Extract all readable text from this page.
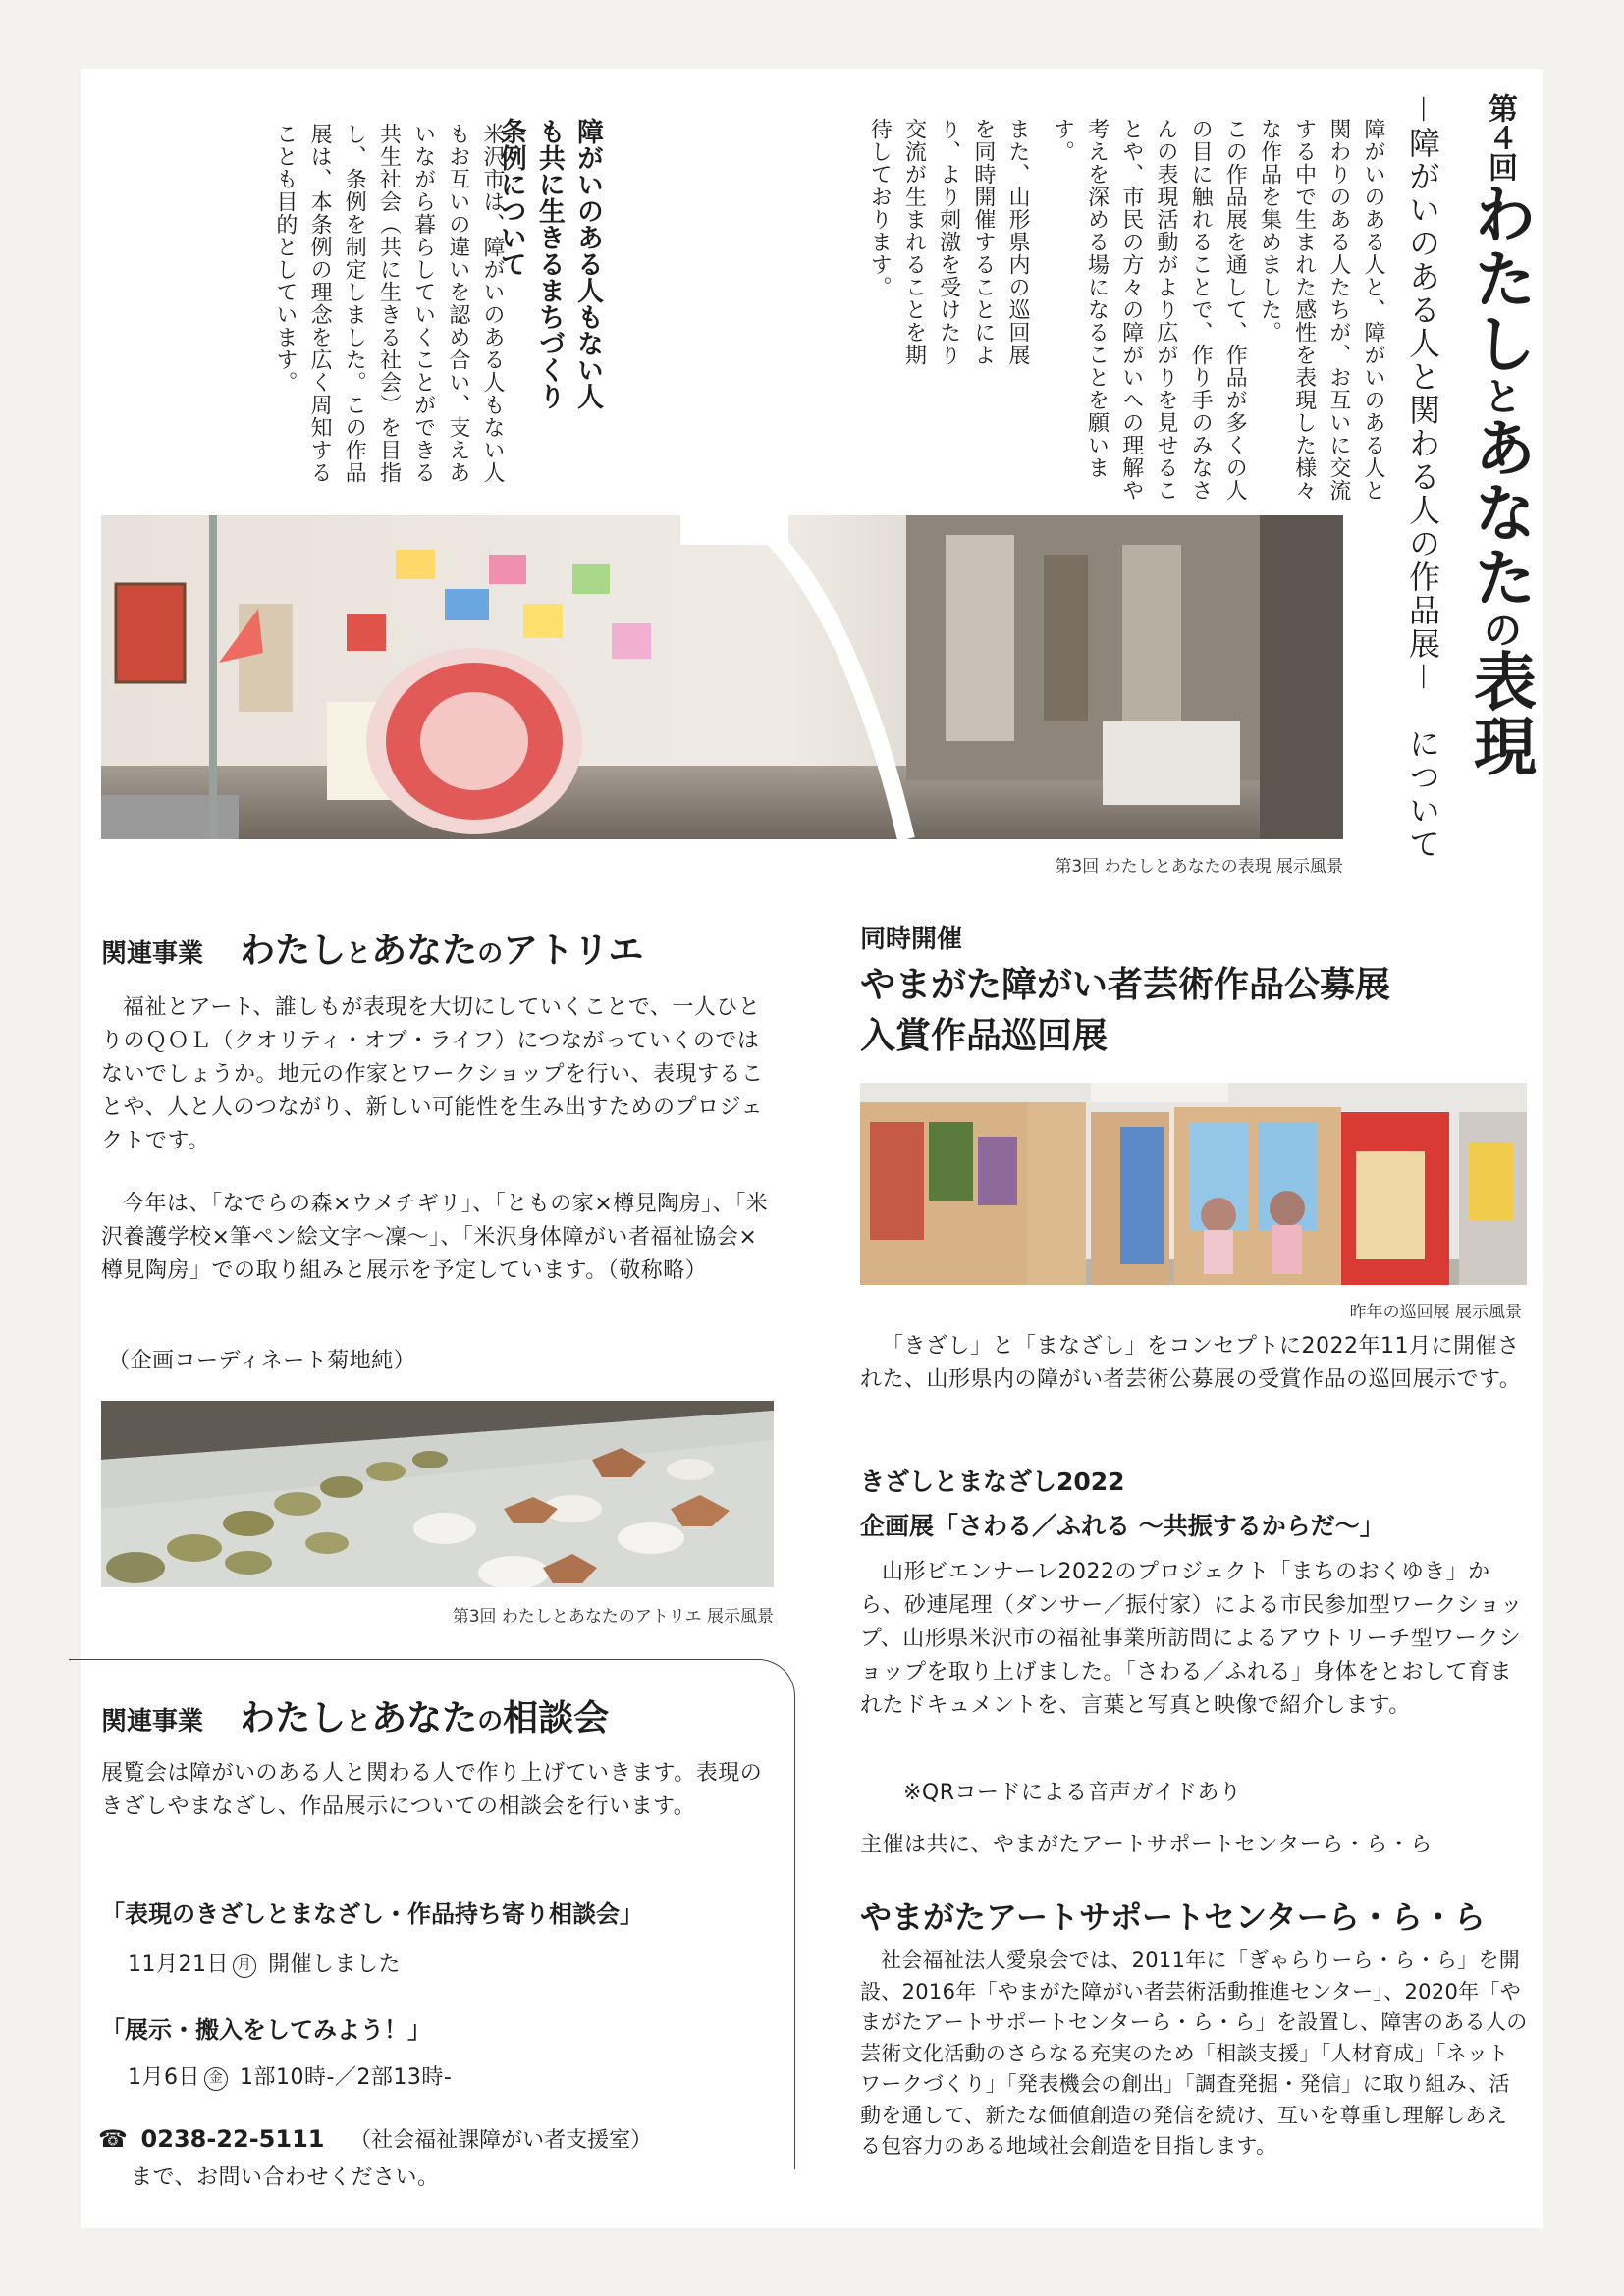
第４回わたしとあなたの表現
－障がいのある人と関わる人の作品展－　について
障がいのある人と、障がいのある人と関わりのある人たちが、お互いに交流する中で生まれた感性を表現した様々な作品を集めました。
この作品展を通して、作品が多くの人の目に触れることで、作り手のみなさんの表現活動がより広がりを見せることや、市民の方々の障がいへの理解や考えを深める場になることを願います。
また、山形県内の巡回展を同時開催することにより、より刺激を受けたり交流が生まれることを期待しております。
障がいのある人もない人も共に生きるまちづくり条例について
米沢市は、障がいのある人もない人もお互いの違いを認め合い、支えあいながら暮らしていくことができる共生社会（共に生きる社会）を目指し、条例を制定しました。この作品展は、本条例の理念を広く周知することも目的としています。
第3回 わたしとあなたの表現 展示風景
関連事業 わたしとあなたのアトリエ
福祉とアート、誰しもが表現を大切にしていくことで、一人ひとりのＱＯＬ（クオリティ・オブ・ライフ）につながっていくのではないでしょうか。地元の作家とワークショップを行い、表現することや、人と人のつながり、新しい可能性を生み出すためのプロジェクトです。
今年は、「なでらの森×ウメチギリ」、「ともの家×樽見陶房」、「米沢養護学校×筆ペン絵文字～凜～」、「米沢身体障がい者福祉協会×樽見陶房」での取り組みと展示を予定しています。（敬称略）
（企画コーディネート菊地純）
第3回 わたしとあなたのアトリエ 展示風景
関連事業 わたしとあなたの相談会
展覧会は障がいのある人と関わる人で作り上げていきます。表現のきざしやまなざし、作品展示についての相談会を行います。
「表現のきざしとまなざし・作品持ち寄り相談会」
11月21日 月 開催しました
「展示・搬入をしてみよう！」
1月6日 金 1部10時-／2部13時-
☎ 0238-22-5111 （社会福祉課障がい者支援室）
まで、お問い合わせください。
同時開催
やまがた障がい者芸術作品公募展
入賞作品巡回展
昨年の巡回展 展示風景
「きざし」と「まなざし」をコンセプトに2022年11月に開催された、山形県内の障がい者芸術公募展の受賞作品の巡回展示です。
きざしとまなざし2022
企画展「さわる／ふれる ～共振するからだ～」
山形ビエンナーレ2022のプロジェクト「まちのおくゆき」から、砂連尾理（ダンサー／振付家）による市民参加型ワークショップ、山形県米沢市の福祉事業所訪問によるアウトリーチ型ワークショップを取り上げました。「さわる／ふれる」身体をとおして育まれたドキュメントを、言葉と写真と映像で紹介します。
※QRコードによる音声ガイドあり
主催は共に、やまがたアートサポートセンターら・ら・ら
やまがたアートサポートセンターら・ら・ら
社会福祉法人愛泉会では、2011年に「ぎゃらりーら・ら・ら」を開設、2016年「やまがた障がい者芸術活動推進センター」、2020年「やまがたアートサポートセンターら・ら・ら」を設置し、障害のある人の芸術文化活動のさらなる充実のため「相談支援」「人材育成」「ネットワークづくり」「発表機会の創出」「調査発掘・発信」に取り組み、活動を通して、新たな価値創造の発信を続け、互いを尊重し理解しあえる包容力のある地域社会創造を目指します。
